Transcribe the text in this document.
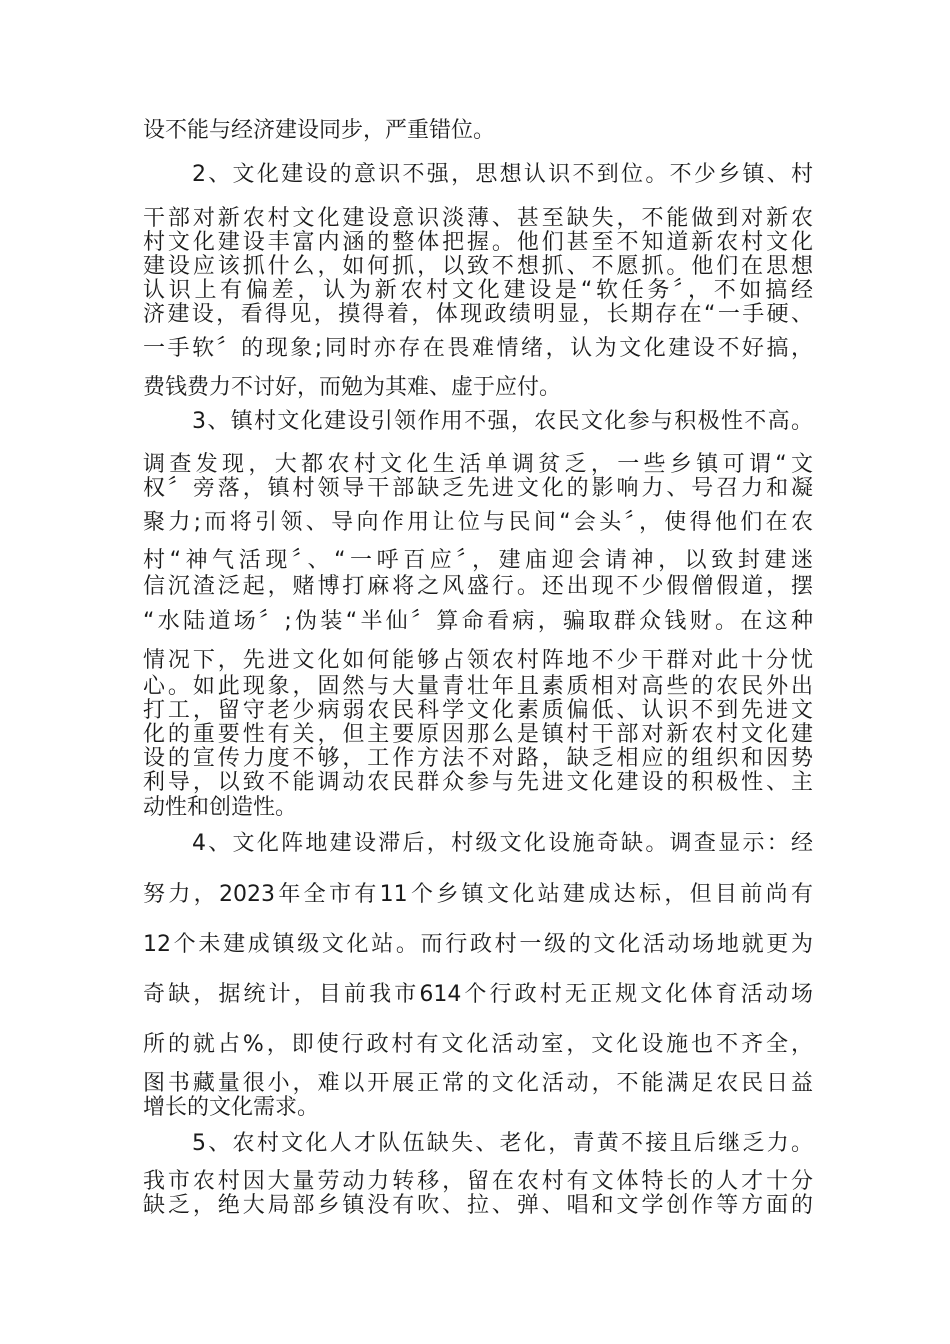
设不能与经济建设同步，严重错位。
2、文化建设的意识不强，思想认识不到位。不少乡镇、村
干部对新农村文化建设意识淡薄、甚至缺失，不能做到对新农
村文化建设丰富内涵的整体把握。他们甚至不知道新农村文化
建设应该抓什么，如何抓，以致不想抓、不愿抓。他们在思想
认识上有偏差，认为新农村文化建设是“软任务〞，不如搞经
济建设，看得见，摸得着，体现政绩明显，长期存在“一手硬、
一手软〞的现象;同时亦存在畏难情绪，认为文化建设不好搞，
费钱费力不讨好，而勉为其难、虚于应付。
3、镇村文化建设引领作用不强，农民文化参与积极性不高。
调查发现，大都农村文化生活单调贫乏，一些乡镇可谓“文
权〞旁落，镇村领导干部缺乏先进文化的影响力、号召力和凝
聚力;而将引领、导向作用让位与民间“会头〞，使得他们在农
村“神气活现〞、“一呼百应〞，建庙迎会请神，以致封建迷
信沉渣泛起，赌博打麻将之风盛行。还出现不少假僧假道，摆
“水陆道场〞;伪装“半仙〞算命看病，骗取群众钱财。在这种
情况下，先进文化如何能够占领农村阵地不少干群对此十分忧
心。如此现象，固然与大量青壮年且素质相对高些的农民外出
打工，留守老少病弱农民科学文化素质偏低、认识不到先进文
化的重要性有关，但主要原因那么是镇村干部对新农村文化建
设的宣传力度不够，工作方法不对路，缺乏相应的组织和因势
利导，以致不能调动农民群众参与先进文化建设的积极性、主
动性和创造性。
4、文化阵地建设滞后，村级文化设施奇缺。调查显示：经
努力，2023年全市有11个乡镇文化站建成达标，但目前尚有
12个未建成镇级文化站。而行政村一级的文化活动场地就更为
奇缺，据统计，目前我市614个行政村无正规文化体育活动场
所的就占%，即使行政村有文化活动室，文化设施也不齐全，
图书藏量很小，难以开展正常的文化活动，不能满足农民日益
增长的文化需求。
5、农村文化人才队伍缺失、老化，青黄不接且后继乏力。
我市农村因大量劳动力转移，留在农村有文体特长的人才十分
缺乏，绝大局部乡镇没有吹、拉、弹、唱和文学创作等方面的
